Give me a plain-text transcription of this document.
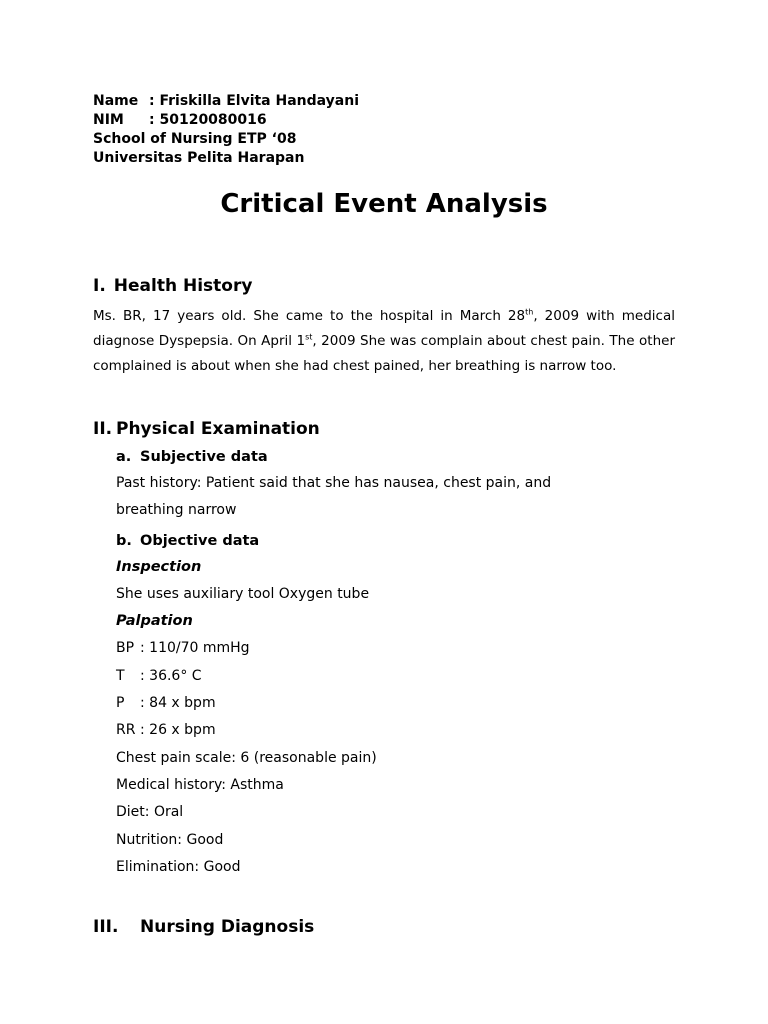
Name : Friskilla Elvita Handayani

NIM : 50120080016

School of Nursing ETP ‘08

Universitas Pelita Harapan

Critical Event Analysis
I. Health History

Ms. BR, 17 years old. She came to the hospital in March 28th, 2009 with medical diagnose Dyspepsia. On April 1st, 2009 She was complain about chest pain. The other complained is about when she had chest pained, her breathing is narrow too.

II. Physical Examination

a. Subjective data

Past history: Patient said that she has nausea, chest pain, and breathing narrow

b. Objective data

Inspection

She uses auxiliary tool Oxygen tube

Palpation

BP : 110/70 mmHg

T	: 36.6° C

P	: 84 x bpm

RR : 26 x bpm

Chest pain scale: 6 (reasonable pain)

Medical history: Asthma

Diet: Oral

Nutrition: Good

Elimination: Good

III. Nursing Diagnosis
